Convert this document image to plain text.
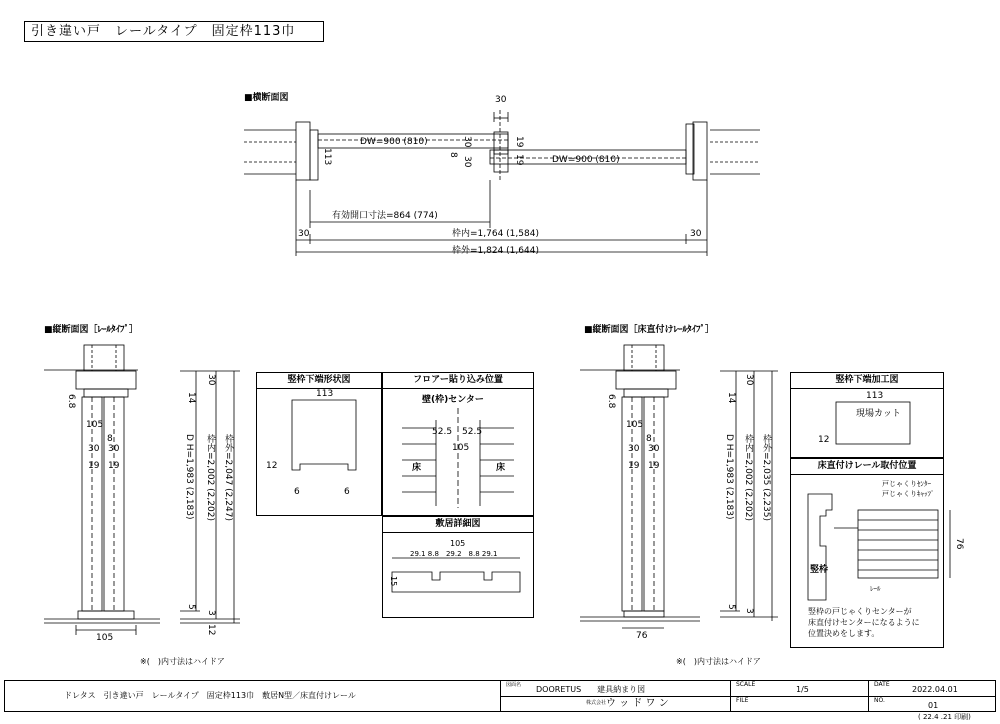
引き違い戸　レールタイプ　固定枠113巾
■横断面図	30
DW=900 (810)
DW=900 (810)
113
30
8
30
19
19
有効開口寸法=864 (774)
30	30
枠内=1,764 (1,584)
枠外=1,824 (1,644)
■縦断面図［ﾚｰﾙﾀｲﾌﾟ］
6.8	14
30
105
8
30 30
19 19	D H=1,983 (2,183) 枠内=2,002 (2,202) 枠外=2,047 (2,247)
5
3
12
105
※(　)内寸法はハイドア
■縦断面図［床直付けﾚｰﾙﾀｲﾌﾟ］
6.8	14
30
105
8
30 30
19 19	D H=1,983 (2,183) 枠内=2,002 (2,202) 枠外=2,035 (2,235)
5
3
76
※(　)内寸法はハイドア
竪枠下端形状図
113
12
6	6
フロアー貼り込み位置
壁(枠)センター
52.5 52.5
105
床	床
敷居詳細図
105
29.1 8.8　29.2　8.8 29.1
15
竪枠下端加工図
113
現場カット
12
床直付けレール取付位置
戸じゃくりｾﾝﾀｰ
戸じゃくりｷｬｯﾌﾟ
76
竪枠
ﾚｰﾙ
竪枠の戸じゃくりセンターが
床直付けセンターになるように
位置決めをします。
ドレタス　引き違い戸　レールタイプ　固定枠113巾　敷居N型／床直付けレール
図面名 DOORETUS　　建具納まり図
株式会社 ウ ッ ド ワ ン
SCALE
1/5
FILE
DATE
2022.04.01
NO.
01
( 22.4 .21 印刷)
